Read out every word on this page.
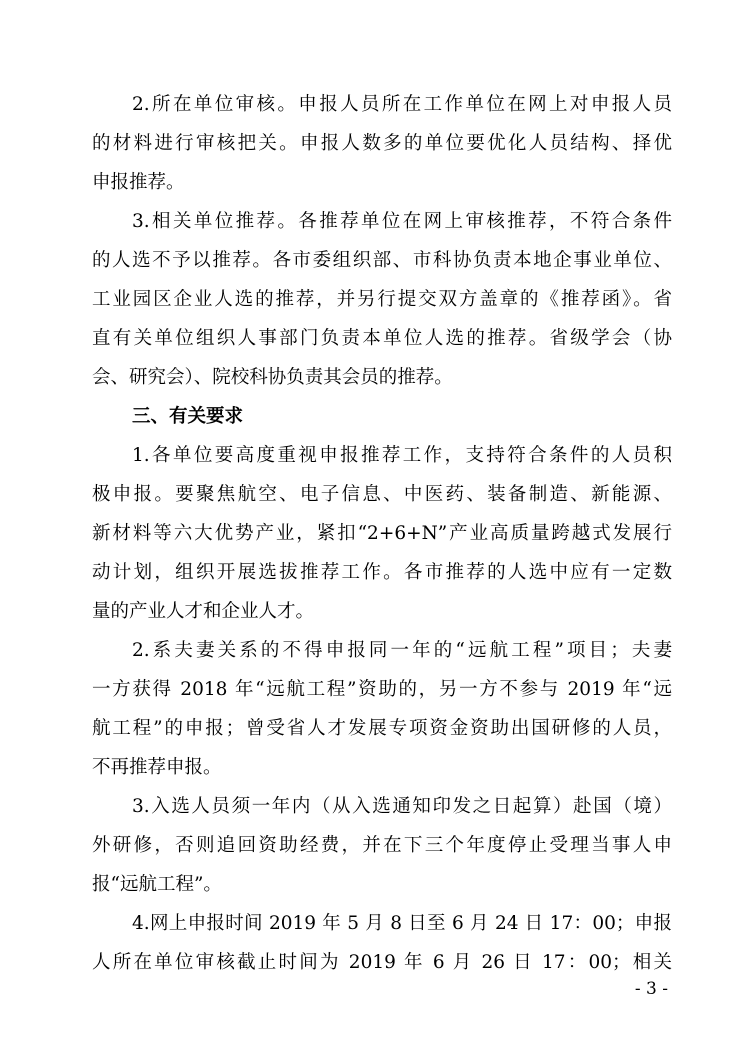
2.所在单位审核。申报人员所在工作单位在网上对申报人员
的材料进行审核把关。申报人数多的单位要优化人员结构、择优
申报推荐。
3.相关单位推荐。各推荐单位在网上审核推荐，不符合条件
的人选不予以推荐。各市委组织部、市科协负责本地企事业单位、
工业园区企业人选的推荐，并另行提交双方盖章的《推荐函》。省
直有关单位组织人事部门负责本单位人选的推荐。省级学会（协
会、研究会）、院校科协负责其会员的推荐。
三、有关要求
1.各单位要高度重视申报推荐工作，支持符合条件的人员积
极申报。要聚焦航空、电子信息、中医药、装备制造、新能源、
新材料等六大优势产业，紧扣“2+6+N”产业高质量跨越式发展行
动计划，组织开展选拔推荐工作。各市推荐的人选中应有一定数
量的产业人才和企业人才。
2.系夫妻关系的不得申报同一年的“远航工程”项目；夫妻
一方获得 2018 年“远航工程”资助的，另一方不参与 2019 年“远
航工程”的申报；曾受省人才发展专项资金资助出国研修的人员，
不再推荐申报。
3.入选人员须一年内（从入选通知印发之日起算）赴国（境）
外研修，否则追回资助经费，并在下三个年度停止受理当事人申
报“远航工程”。
4.网上申报时间 2019 年 5 月 8 日至 6 月 24 日 17：00；申报
人所在单位审核截止时间为 2019 年 6 月 26 日 17：00；相关
- 3 -
